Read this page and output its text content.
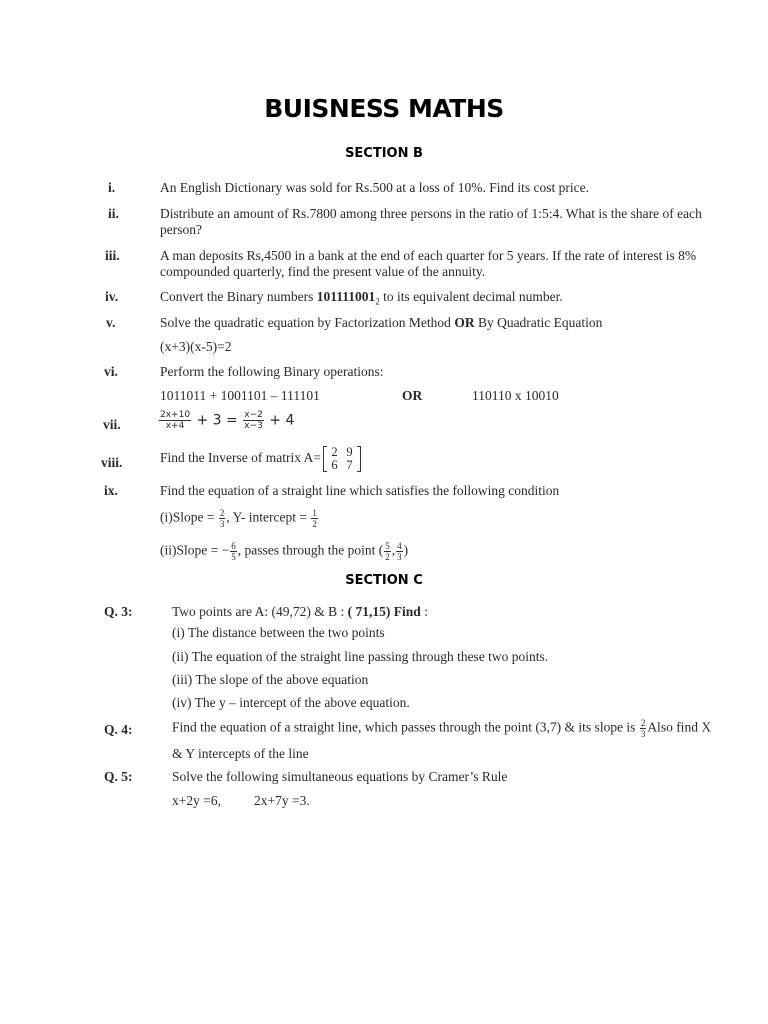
BUISNESS MATHS
SECTION B
i.	An English Dictionary was sold for Rs.500 at a loss of 10%. Find its cost price.
ii.	Distribute an amount of Rs.7800 among three persons in the ratio of 1:5:4. What is the share of each
person?
iii.	A man deposits Rs,4500 in a bank at the end of each quarter for 5 years. If the rate of interest is 8%
compounded quarterly, find the present value of the annuity.
iv.	Convert the Binary numbers $101111001_2$ to its equivalent decimal number.
v.	Solve the quadratic equation by Factorization Method OR By Quadratic Equation
(x+3)(x-5)=2
vi.	Perform the following Binary operations:
1011011 + 1001101 – 111101	OR	110110 x 10010
vii.	$\frac{2x+10}{x+4} + 3 = \frac{x-2}{x-3} + 4$
viii.	Find the Inverse of matrix A= 2 9
6 7
ix.	Find the equation of a straight line which satisfies the following condition
(i)Slope = $\frac{2}{3}$ , Y- intercept = $\frac{1}{2}$
(ii)Slope = − $\frac{6}{5}$ , passes through the point ( $\frac{5}{2}$ , $\frac{4}{3}$ )
SECTION C
Q. 3:	Two points are A: (49,72) & B : ( 71,15) Find :
(i) The distance between the two points
(ii) The equation of the straight line passing through these two points.
(iii) The slope of the above equation
(iv) The y – intercept of the above equation.
Q. 4:	Find the equation of a straight line, which passes through the point (3,7) & its slope is $\frac{2}{3}$ Also find X
& Y intercepts of the line
Q. 5:	Solve the following simultaneous equations by Cramer’s Rule
x+2y =6, 2x+7y =3.
